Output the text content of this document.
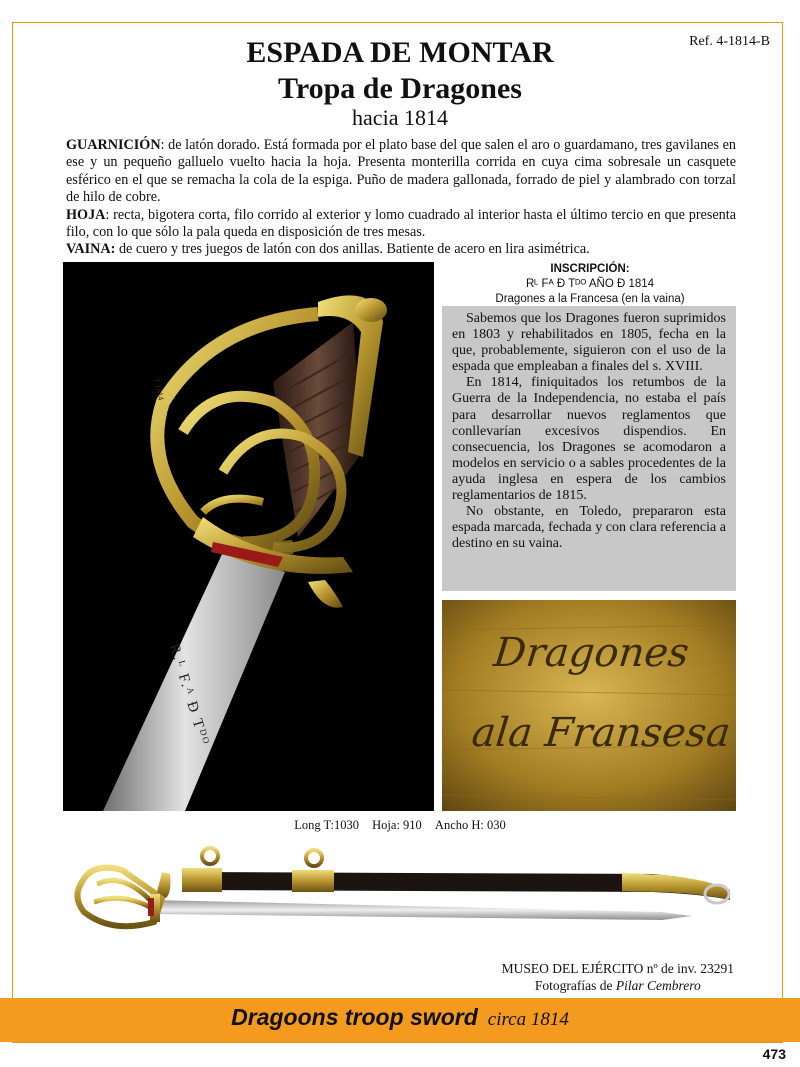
Ref. 4-1814-B
ESPADA DE MONTAR
Tropa de Dragones
hacia 1814

GUARNICIÓN: de latón dorado. Está formada por el plato base del que salen el aro o guardamano, tres gavilanes en ese y un pequeño galluelo vuelto hacia la hoja. Presenta monterilla corrida en cuya cima sobresale un casquete esférico en el que se remacha la cola de la espiga. Puño de madera gallonada, forrado de piel y alambrado con torzal de hilo de cobre.

HOJA: recta, bigotera corta, filo corrido al exterior y lomo cuadrado al interior hasta el último tercio en que presenta filo, con lo que sólo la pala queda en disposición de tres mesas.

VAINA: de cuero y tres juegos de latón con dos anillas. Batiente de acero en lira asimétrica.

R.ᴸ F.ᴬ Đ Tᴰᴼ
T 1814
INSCRIPCIÓN:
Rᴸ Fᴬ Đ Tᴰᴼ AÑO Đ 1814
Dragones a la Francesa (en la vaina)

Sabemos que los Dragones fueron suprimidos en 1803 y rehabilitados en 1805, fecha en la que, probablemente, siguieron con el uso de la espada que empleaban a finales del s. XVIII.

En 1814, finiquitados los retumbos de la Guerra de la Independencia, no estaba el país para desarrollar nuevos reglamentos que conllevarían excesivos dispendios. En consecuencia, los Dragones se acomodaron a modelos en servicio o a sables procedentes de la ayuda inglesa en espera de los cambios reglamentarios de 1815.

No obstante, en Toledo, prepararon esta espada marcada, fechada y con clara referencia a destino en su vaina.

Dragones
ala Fransesa
Long T:1030 Hoja: 910 Ancho H: 030
MUSEO DEL EJÉRCITO nº de inv. 23291
Fotografías de Pilar Cembrero
Dragoons troop sword circa 1814
473
